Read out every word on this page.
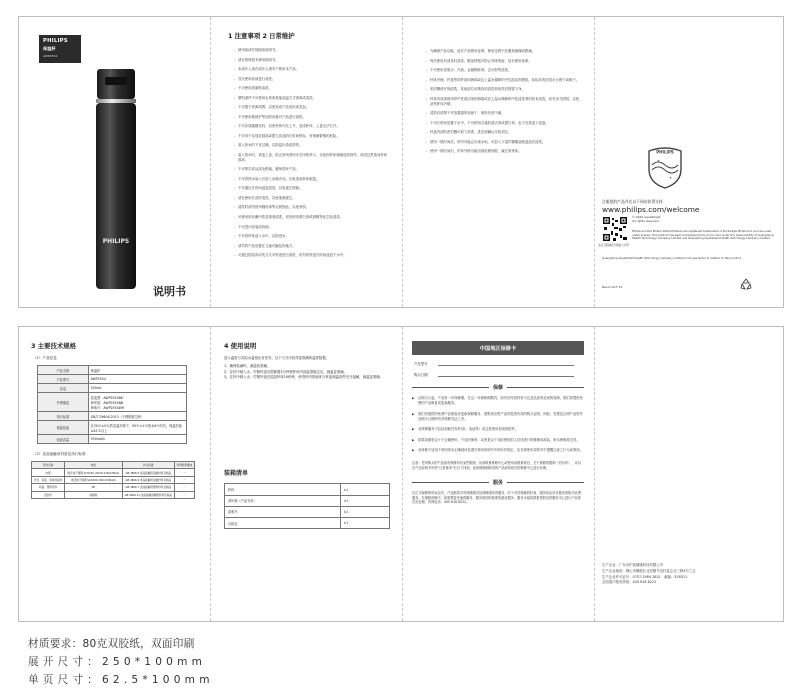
PHILIPS
保温杯
AWP2554
PHILIPS
说明书
1 注意事项 2 日常维护
- 使用前请仔细阅读说明书。
- 请妥善保管本使用说明书。
- 未成年人请在成年人指导下使用本产品。
- 首次使用前请进行清洗。
- 不可使用洗碗机清洗。
- 塑料部件不可使用水煮或其他高温方式消毒或清洗。
- 不可置于热源周围，以免造成产品变形或变色。
- 不可使用微波炉等加热设备对产品进行加热。
- 不可存放碳酸饮料，以免杯体内压上升，造成杯体、上盖无法打开。
- 不可用于存放乳制品或婴儿食品的长时间保存，有细菌繁殖的危险。
- 装入热水时不宜过满，以防溢出造成烫伤。
- 装入热水时，请盖上盖，防止使用者的未关闭的杯口，以免因杯体倾倒造成烫伤，或因过热造成杯体损坏。
- 不可摔打或从高处跌落，避免损坏产品。
- 不可将热水装入后放入冰箱冷冻，以免造成杯体破裂。
- 不可通过长时间浸泡清洗，以免滋生细菌。
- 请在使用后及时清洗，以免细菌滋生。
- 清洗时请勿使用钢丝球等尖锐物品，以免划伤。
- 可使用软布蘸中性洗涤剂清洗，切勿使用漂白剂或酒精等化学品清洗。
- 不可进行改装或拆卸。
- 不可将杯体浸入水中，以防进水。
- 请勿将产品放置在儿童可触及的地方。
- 可通过摇晃或冲洗方式对杯盖进行清洗，但勿将杯盖长时间浸泡于水中。
- 为确保产品功能，延长产品使用寿命，使用过程中应避免碰撞或跌落。
- 每次使用后请及时清洗，勤加擦拭可防止异味残留，延长使用寿命。
- 不可使用香蕉水、汽油、金属钢丝球、去污粉等清洗。
- 杯体外侧、杯盖等部件请用海绵或沾上温水稀释的中性清洁剂擦拭，轻轻冲洗后将水分擦干或晾干。
- 密封圈请仔细清洗，其他部位用柔软的清洗剂冲洗后擦拭干净。
- 杯体内部请使用带中性清洁剂的海绵或沾上温水稀释的中性清洗剂的软布清洗，切勿用力擦拭，以免刮伤杯体内壁。
- 清洗后请擦干并放置通风处晾干，保持内部干燥。
- 不可长时间放置于水中，不可使用含氯的清洁剂或漂白剂，也不宜将盖子浸泡。
- 杯盖内部的密封圈可取下清洗，洗后请确认安装到位。
- 使用一段时间后，杯内可能会出现水垢，可加入少量柠檬酸溶液浸泡后清洗。
- 使用一段时间后，杯体外壁可能出现轻微划痕，属正常现象。	PHILIPS
✦
✦
注册您的产品并在以下网站获得支持
www.philips.com/welcome
关注飞利浦官方微信公众号
© 2022 AquaShield
All rights reserved.
Philips and the Philips Shield Emblem are registered trademarks of Koninklijke Philips N.V. and are used under license. This product has been manufactured by and is sold under the responsibility of Guangdong Health Technology Company Limited and Guangdong AquaShield Health Technology Company Limited.
Guangdong AquaShield Health Technology Company Limited is the warrantor in relation to this product.
Rev.A OCT 22
3 主要技术规格
（1）产品信息
产品名称	保温杯
产品型号	AWP2554
容量	500mL
外观描述	星夜黑：AWP2554BK
海军蓝：AWP2554NB
珍珠白：AWP2554WH
执行标准	GB/T 29606-2013（不锈钢真空杯）
保温性能	在20℃±5℃的室温环境下，95℃±1℃热水6小时后，保温效能≥42℃以上
电池容量	550mA/h
（2）食品接触用材质及执行标准
部件名称	材质	执行标准	特殊使用要求
内胆	奥氏体不锈钢 SUS316 (022Cr17Ni12Mo2)	GB 4806.9 食品接触用金属材料及制品	一
外壳、底座、杯体连接件	奥氏体不锈钢 SUS304 (06Cr19Ni10)	GB 4806.9 食品接触用金属材料及制品	一
杯盖、塑料部件	PP	GB 4806.7 食品接触用塑料材料及制品	一
密封件	硅橡胶	GB 4806.11 食品接触用橡胶材料及制品	一
4 使用说明
显示温度与实际水温相比有差异，以下方式可获得更准确的温度数据。
1、确保装满杯，测温较准确。
2、往杯中倒入水，拧紧杯盖后需静置3分钟使杯体内部温度稳定后，测温更准确。
3、往杯中倒入水，拧紧杯盖后摇晃杯体10秒钟，使得杯内的液体与杯盖测温部件充分接触，测温更准确。
装箱清单
杯体	×1
茶叶格（产品专用）	×1
说明书	×1
合格证	×1
中国地区保修卡
产品型号
购买日期
保修
▶ 从购买日起，产品有一年保修期。在这一年保修期期内，如有任何因材料不良及品质所造成的故障，我们将提供免费的产品修复或更换服务。
▶ 我们所提供的免费产品修复或更换保修服务，需附请出售产品时提供有效的购买证明，例如，发票及注明产品型号及购买日期的有效保修凭证之内。
▶ 本保修服务不包括消耗性零件(如，电池等）或过度使用造成的配件。
▶ 如果故障是由于不正确使用、不良的保养、或者是由于非经授权的人员所进行的修理或改装，则本保修将无效。
▶ 本保修不适用于使用者未正确阅读及遵守使用说明书中的所有规定，及非规使用说明书中提醒注意之行为或事项。
注意：您所购买的产品如有保修所有某些限制，但请联系维修中心或使用前联系我们，关于保修的限制（若有时），可以在产品说明书中的“注意事项”栏目下找到。选择保修期购得的产品请到你们的维修中心进行处理。
服务
在正式保修的时间以内，产品都将享有保修服务及保修服务的服务，时于有效保修的时间，服务将由所在服务的相关收费服务。在保修范畴中，如果想更快速的服务，服务将即时联系的最佳服务，服务可能将联系您附近的服务中心进行产品的优先处理。咨询电话：400 618 6222。
生产企业：广东水护盾健康科技有限公司
生产企业地址：佛山市顺德区北滘镇马龙村委会北三路4号之五
生产企业许可证号：0757-2989 2831　邮编：528311
全国客户服务热线：400 618 6222
材质要求：80克双胶纸，双面印刷
展开尺寸：250*100mm
单页尺寸：62.5*100mm
